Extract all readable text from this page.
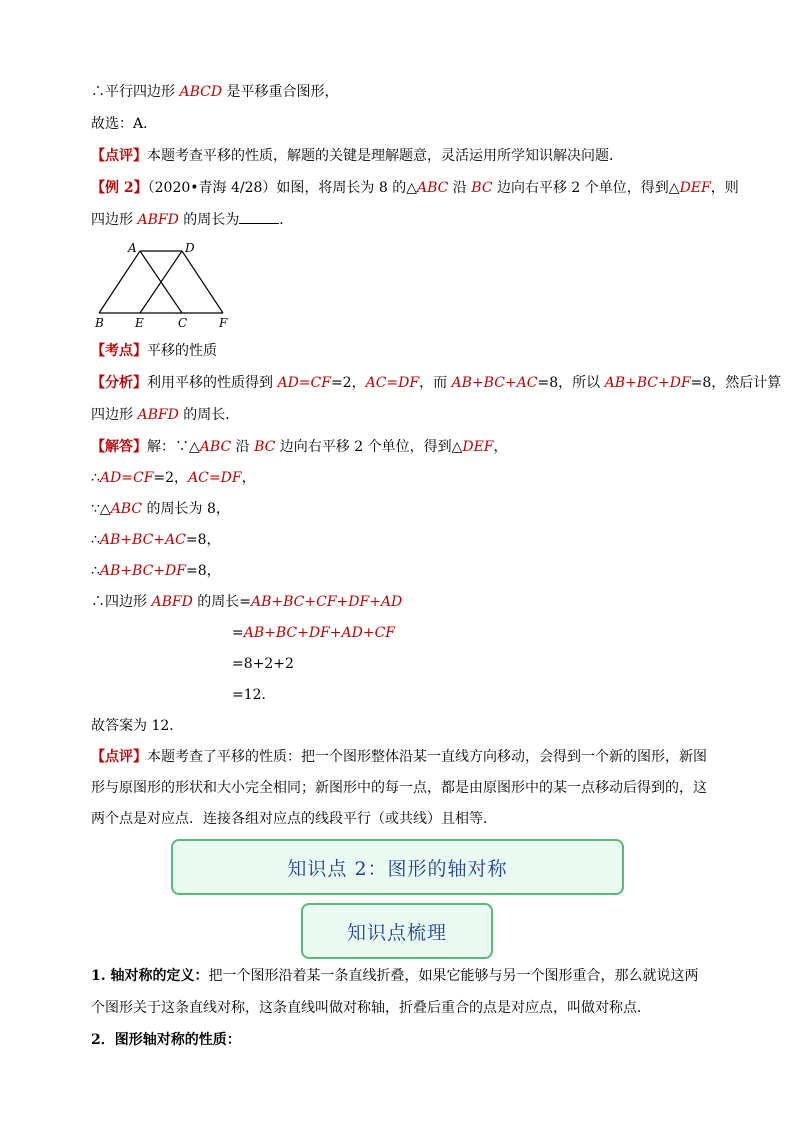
∴平行四边形 ABCD 是平移重合图形，
故选：A．
【点评】本题考查平移的性质，解题的关键是理解题意，灵活运用所学知识解决问题．
【例 2】（2020•青海 4/28）如图，将周长为 8 的△ABC 沿 BC 边向右平移 2 个单位，得到△DEF，则
四边形 ABFD 的周长为	．
A	D
B	E	C	F
【考点】平移的性质
【分析】利用平移的性质得到 AD=CF=2，AC=DF，而 AB+BC+AC=8，所以 AB+BC+DF=8，然后计算
四边形 ABFD 的周长．
【解答】解：∵△ABC 沿 BC 边向右平移 2 个单位，得到△DEF，
∴AD=CF=2，AC=DF，
∵△ABC 的周长为 8，
∴AB+BC+AC=8，
∴AB+BC+DF=8，
∴四边形 ABFD 的周长=AB+BC+CF+DF+AD
=AB+BC+DF+AD+CF
=8+2+2
=12．
故答案为 12．
【点评】本题考查了平移的性质：把一个图形整体沿某一直线方向移动，会得到一个新的图形，新图
形与原图形的形状和大小完全相同；新图形中的每一点，都是由原图形中的某一点移动后得到的，这
两个点是对应点．连接各组对应点的线段平行（或共线）且相等．
知识点 2：图形的轴对称
知识点梳理
1. 轴对称的定义：把一个图形沿着某一条直线折叠，如果它能够与另一个图形重合，那么就说这两
个图形关于这条直线对称，这条直线叫做对称轴，折叠后重合的点是对应点，叫做对称点．
2．图形轴对称的性质：
